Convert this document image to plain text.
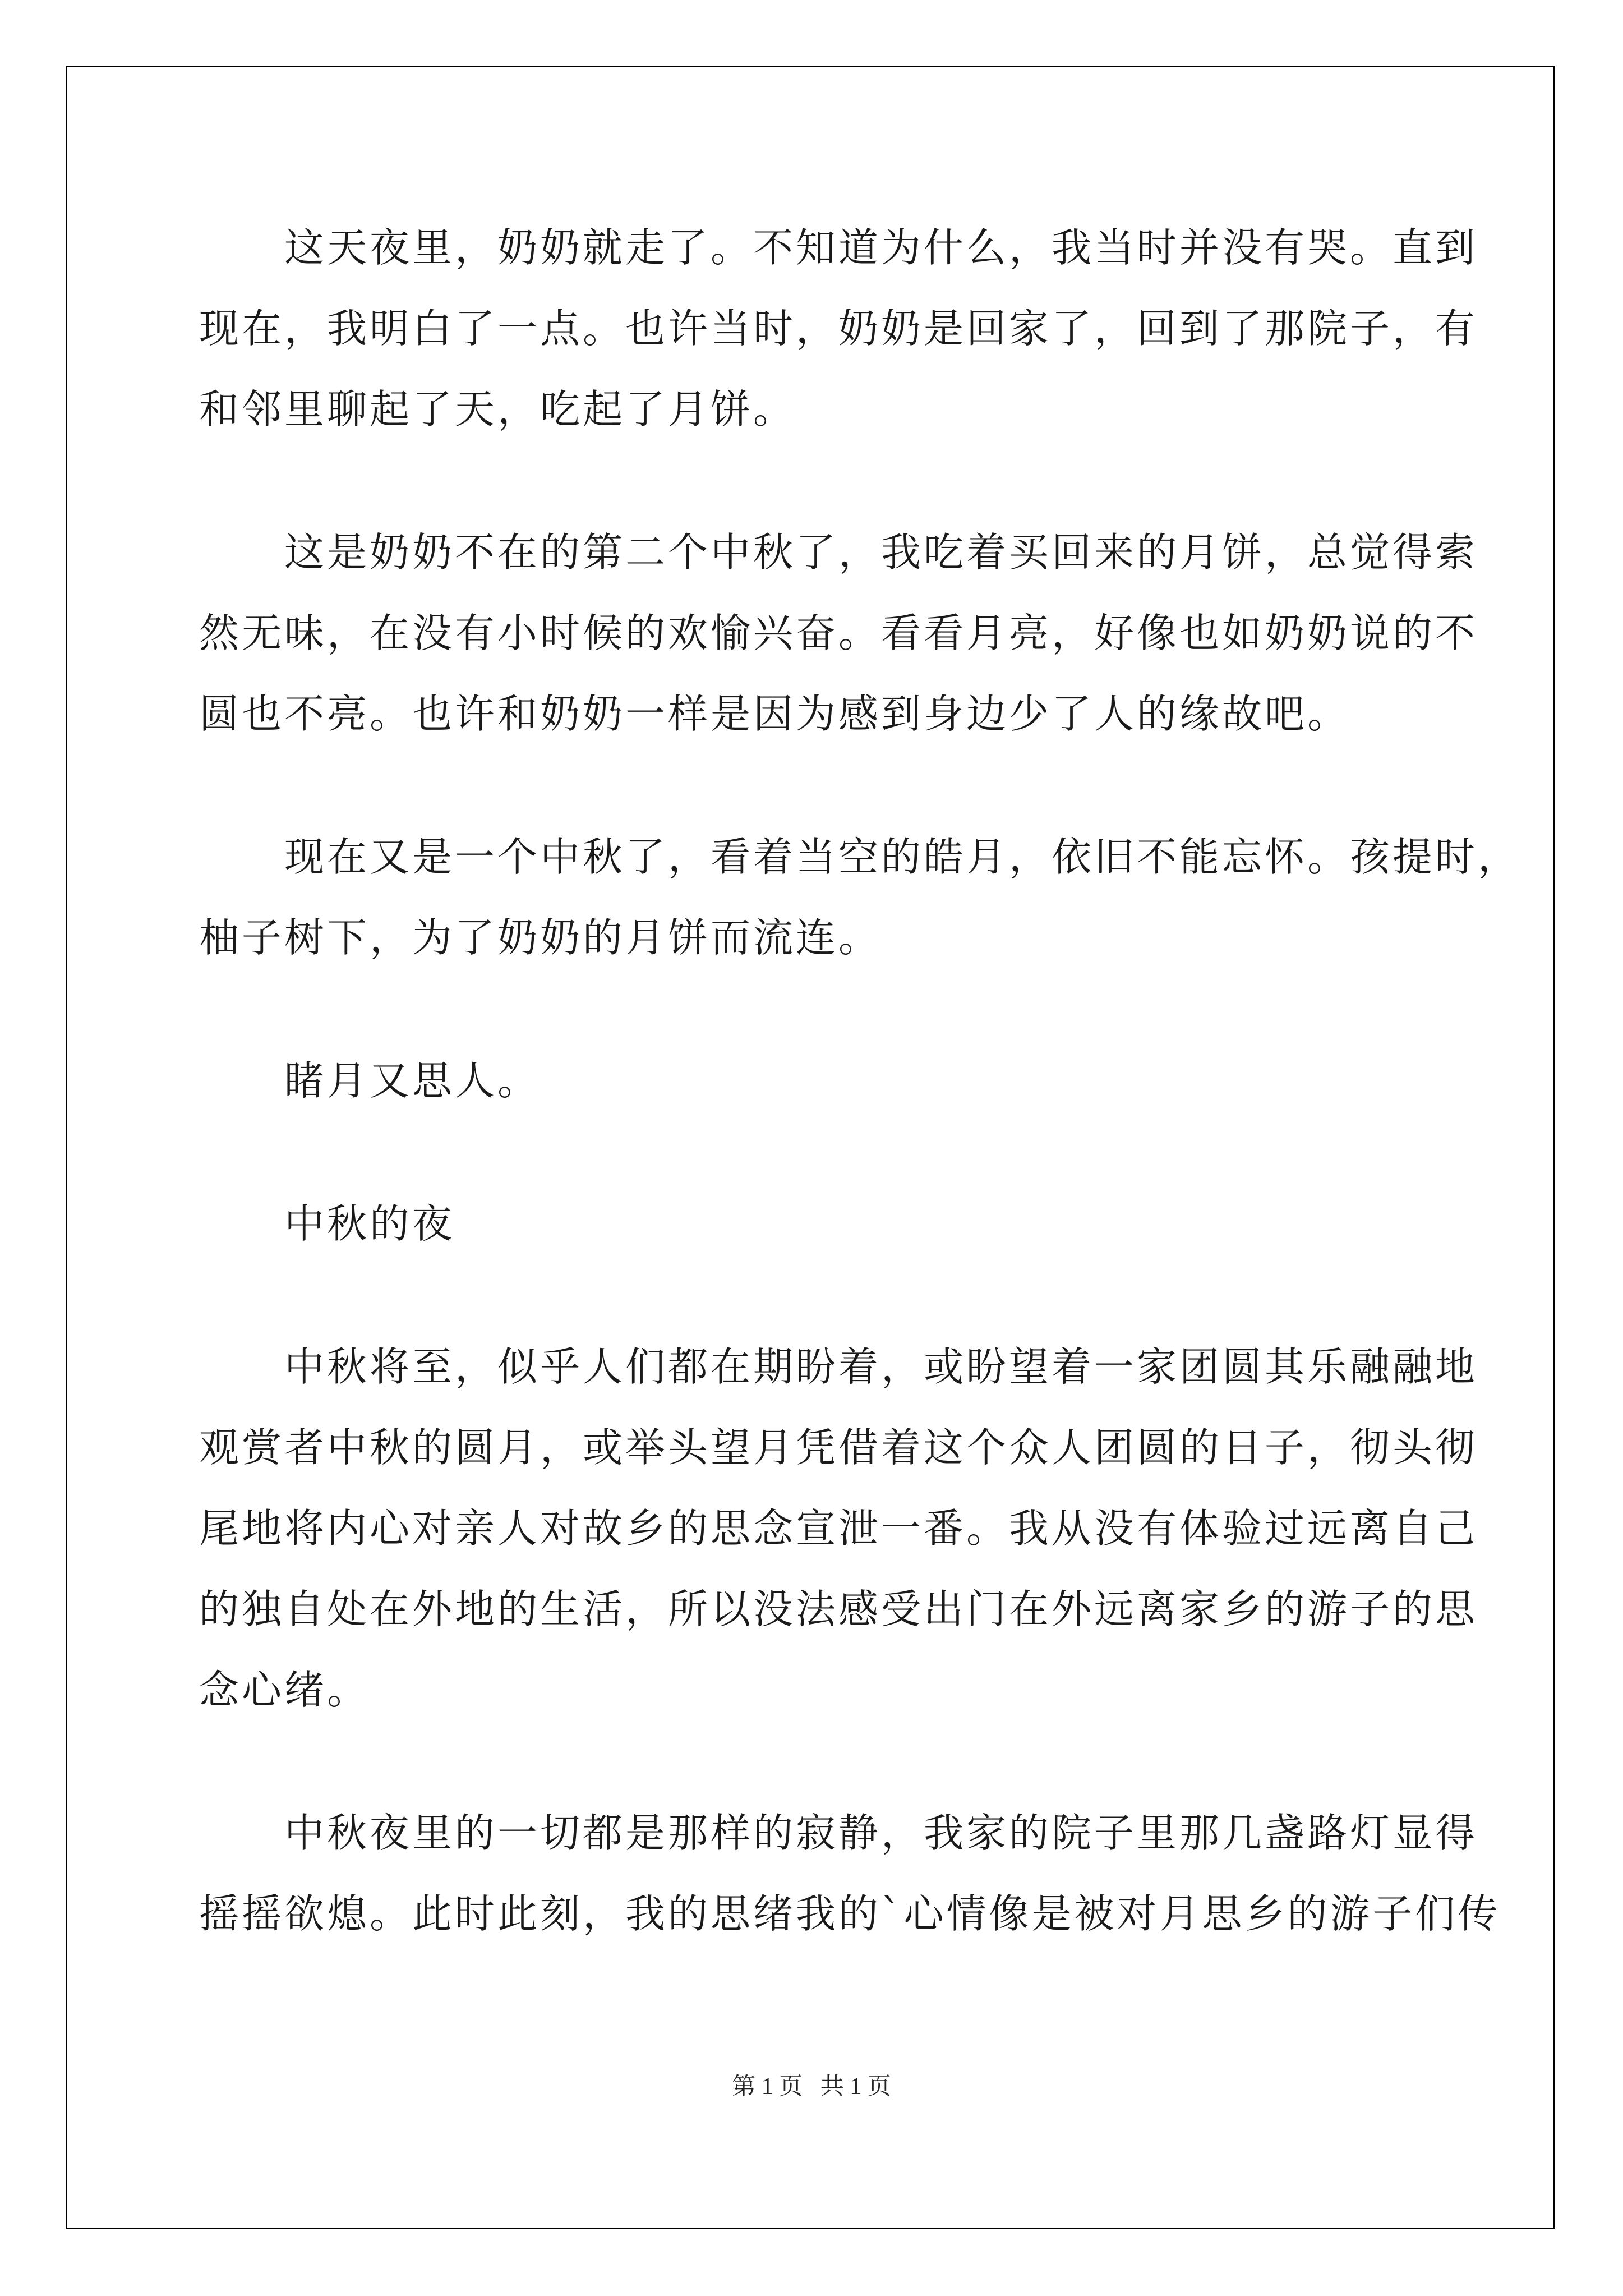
这天夜里，奶奶就走了。不知道为什么，我当时并没有哭。直到
现在，我明白了一点。也许当时，奶奶是回家了，回到了那院子，有
和邻里聊起了天，吃起了月饼。
这是奶奶不在的第二个中秋了，我吃着买回来的月饼，总觉得索
然无味，在没有小时候的欢愉兴奋。看看月亮，好像也如奶奶说的不
圆也不亮。也许和奶奶一样是因为感到身边少了人的缘故吧。
现在又是一个中秋了，看着当空的皓月，依旧不能忘怀。孩提时，
柚子树下，为了奶奶的月饼而流连。
睹月又思人。
中秋的夜
中秋将至，似乎人们都在期盼着，或盼望着一家团圆其乐融融地
观赏者中秋的圆月，或举头望月凭借着这个众人团圆的日子，彻头彻
尾地将内心对亲人对故乡的思念宣泄一番。我从没有体验过远离自己
的独自处在外地的生活，所以没法感受出门在外远离家乡的游子的思
念心绪。
中秋夜里的一切都是那样的寂静，我家的院子里那几盏路灯显得
摇摇欲熄。此时此刻，我的思绪我的`心情像是被对月思乡的游子们传
第 1 页   共 1 页
